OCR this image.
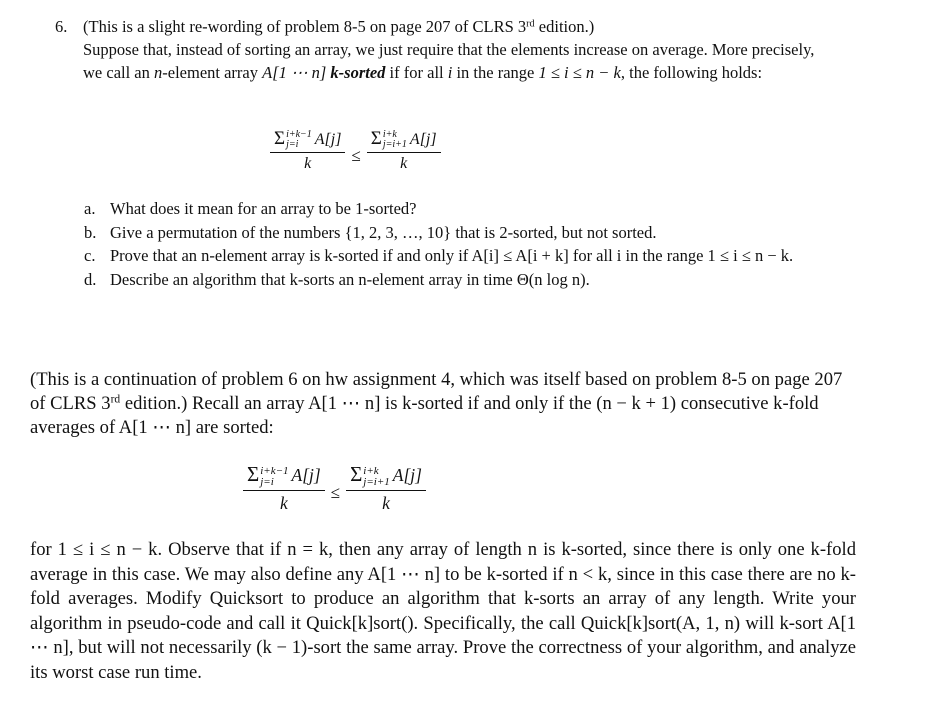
6. (This is a slight re-wording of problem 8-5 on page 207 of CLRS 3rd edition.)
Suppose that, instead of sorting an array, we just require that the elements increase on average. More precisely, we call an n-element array A[1 ⋯ n] k-sorted if for all i in the range 1 ≤ i ≤ n − k, the following holds:
Σ i+k−1
j=i	A[j]
k ≤ Σ i+k
j=i+1 A[j]
k
a. What does it mean for an array to be 1-sorted?
b. Give a permutation of the numbers {1, 2, 3, …, 10} that is 2-sorted, but not sorted.
c. Prove that an n-element array is k-sorted if and only if A[i] ≤ A[i + k] for all i in the range 1 ≤ i ≤ n − k.
d. Describe an algorithm that k-sorts an n-element array in time Θ(n log n).
(This is a continuation of problem 6 on hw assignment 4, which was itself based on problem 8-5 on page 207 of CLRS 3rd edition.) Recall an array A[1 ⋯ n] is k-sorted if and only if the (n − k + 1) consecutive k-fold averages of A[1 ⋯ n] are sorted:
Σ i+k−1
j=i	A[j]
k ≤ Σ i+k
j=i+1 A[j]
k
for 1 ≤ i ≤ n − k. Observe that if n = k, then any array of length n is k-sorted, since there is only one k-fold average in this case. We may also define any A[1 ⋯ n] to be k-sorted if n < k, since in this case there are no k-fold averages. Modify Quicksort to produce an algorithm that k-sorts an array of any length. Write your algorithm in pseudo-code and call it Quick[k]sort(). Specifically, the call Quick[k]sort(A, 1, n) will k-sort A[1 ⋯ n], but will not necessarily (k − 1)-sort the same array. Prove the correctness of your algorithm, and analyze its worst case run time.
